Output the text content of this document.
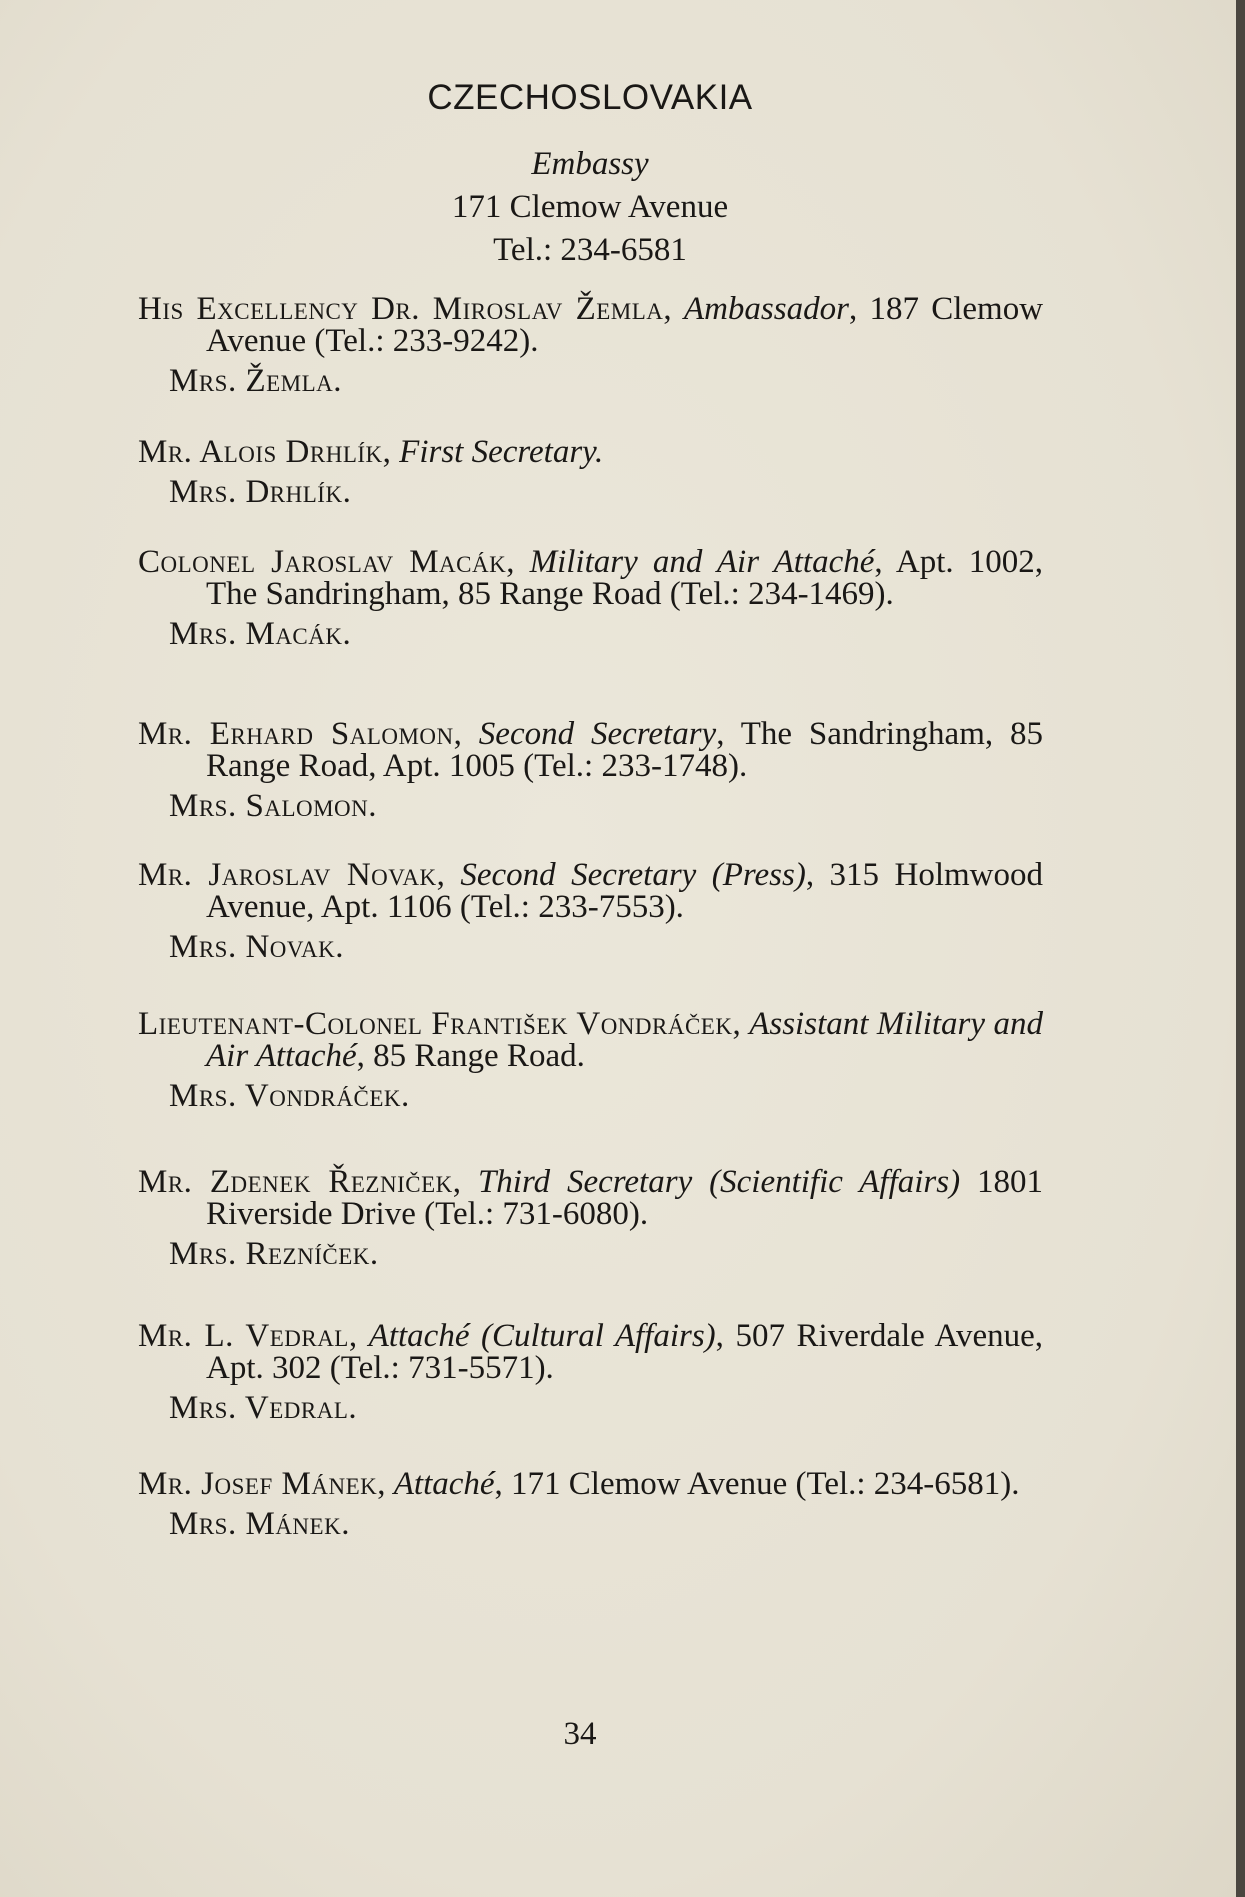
CZECHOSLOVAKIA
Embassy
171 Clemow Avenue
Tel.: 234-6581
His Excellency Dr. Miroslav Žemla, Ambassador, 187 Clemow Avenue (Tel.: 233-9242).
Mrs. Žemla.
Mr. Alois Drhlík, First Secretary.
Mrs. Drhlík.
Colonel Jaroslav Macák, Military and Air Attaché, Apt. 1002, The Sandringham, 85 Range Road (Tel.: 234-1469).
Mrs. Macák.
Mr. Erhard Salomon, Second Secretary, The Sandringham, 85 Range Road, Apt. 1005 (Tel.: 233-1748).
Mrs. Salomon.
Mr. Jaroslav Novak, Second Secretary (Press), 315 Holmwood Avenue, Apt. 1106 (Tel.: 233-7553).
Mrs. Novak.
Lieutenant-Colonel František Vondráček, Assistant Military and Air Attaché, 85 Range Road.
Mrs. Vondráček.
Mr. Zdenek Řezniček, Third Secretary (Scientific Affairs) 1801 Riverside Drive (Tel.: 731-6080).
Mrs. Rezníček.
Mr. L. Vedral, Attaché (Cultural Affairs), 507 Riverdale Avenue, Apt. 302 (Tel.: 731-5571).
Mrs. Vedral.
Mr. Josef Mánek, Attaché, 171 Clemow Avenue (Tel.: 234-6581).
Mrs. Mánek.
34
